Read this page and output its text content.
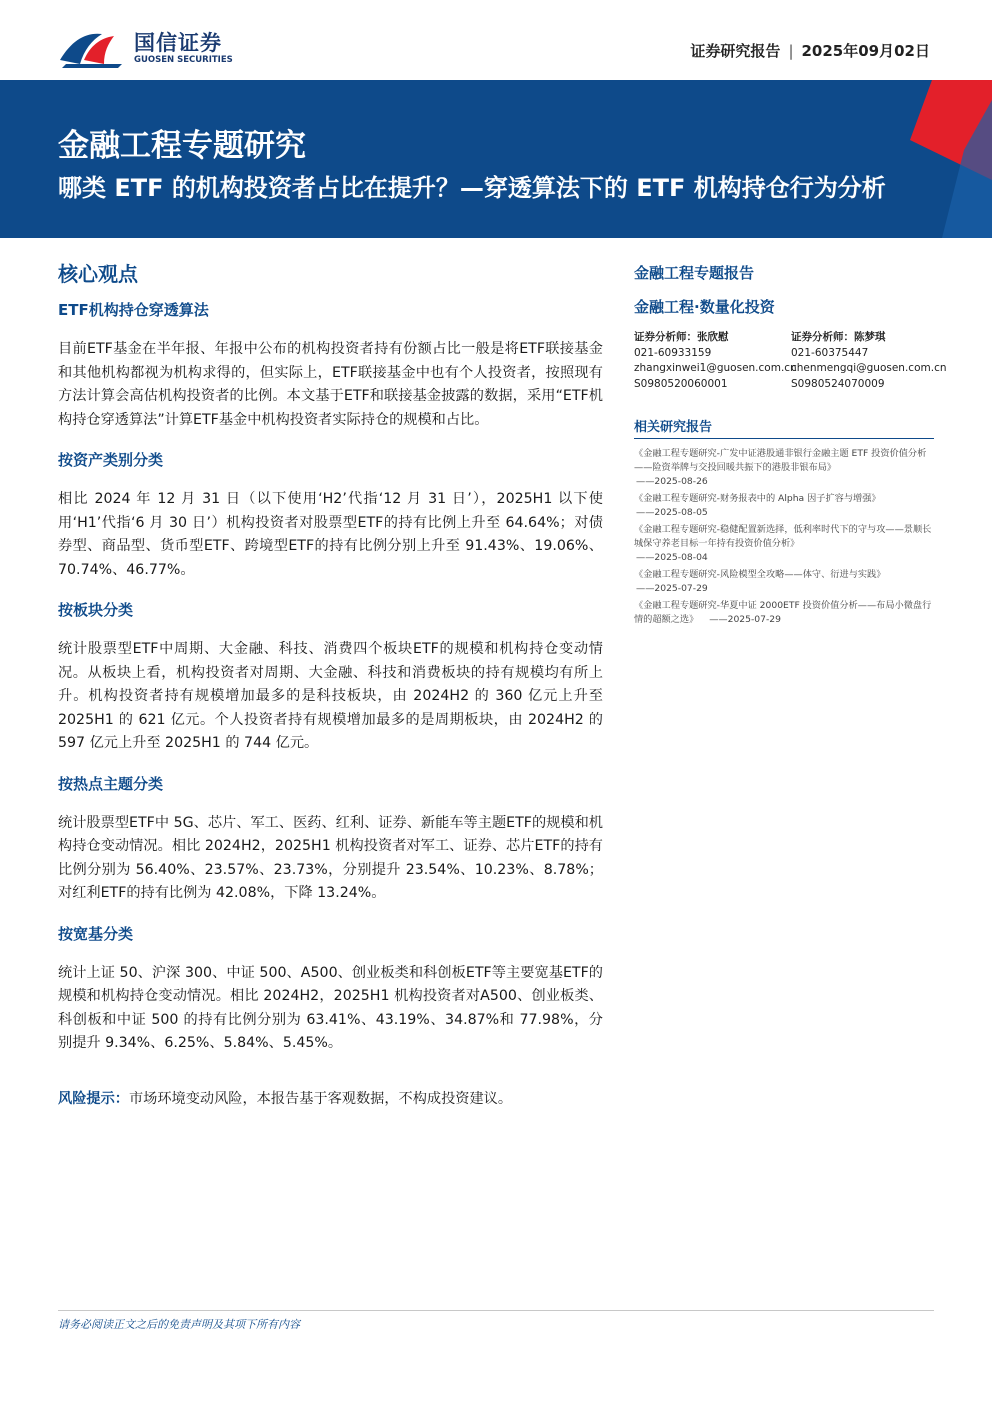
国信证券
GUOSEN SECURITIES	证券研究报告 | 2025年09月02日
金融工程专题研究
哪类 ETF 的机构投资者占比在提升？—穿透算法下的 ETF 机构持仓行为分析
核心观点
ETF机构持仓穿透算法
目前ETF基金在半年报、年报中公布的机构投资者持有份额占比一般是将ETF联接基金和其他机构都视为机构求得的，但实际上，ETF联接基金中也有个人投资者，按照现有方法计算会高估机构投资者的比例。本文基于ETF和联接基金披露的数据，采用“ETF机构持仓穿透算法”计算ETF基金中机构投资者实际持仓的规模和占比。
按资产类别分类
相比 2024 年 12 月 31 日（以下使用‘H2’代指‘12 月 31 日’），2025H1 以下使用‘H1’代指‘6 月 30 日’）机构投资者对股票型ETF的持有比例上升至 64.64%；对债券型、商品型、货币型ETF、跨境型ETF的持有比例分别上升至 91.43%、19.06%、70.74%、46.77%。
按板块分类
统计股票型ETF中周期、大金融、科技、消费四个板块ETF的规模和机构持仓变动情况。从板块上看，机构投资者对周期、大金融、科技和消费板块的持有规模均有所上升。机构投资者持有规模增加最多的是科技板块，由 2024H2 的 360 亿元上升至 2025H1 的 621 亿元。个人投资者持有规模增加最多的是周期板块，由 2024H2 的 597 亿元上升至 2025H1 的 744 亿元。
按热点主题分类
统计股票型ETF中 5G、芯片、军工、医药、红利、证券、新能车等主题ETF的规模和机构持仓变动情况。相比 2024H2，2025H1 机构投资者对军工、证券、芯片ETF的持有比例分别为 56.40%、23.57%、23.73%，分别提升 23.54%、10.23%、8.78%；对红利ETF的持有比例为 42.08%，下降 13.24%。
按宽基分类
统计上证 50、沪深 300、中证 500、A500、创业板类和科创板ETF等主要宽基ETF的规模和机构持仓变动情况。相比 2024H2，2025H1 机构投资者对A500、创业板类、科创板和中证 500 的持有比例分别为 63.41%、43.19%、34.87%和 77.98%，分别提升 9.34%、6.25%、5.84%、5.45%。
风险提示：市场环境变动风险，本报告基于客观数据，不构成投资建议。
金融工程专题报告
金融工程·数量化投资
证券分析师：张欣慰
021-60933159
zhangxinwei1@guosen.com.cn
S0980520060001
证券分析师：陈梦琪
021-60375447
chenmengqi@guosen.com.cn
S0980524070009
相关研究报告
《金融工程专题研究-广发中证港股通非银行金融主题 ETF 投资价值分析——险资举牌与交投回暖共振下的港股非银布局》
——2025-08-26
《金融工程专题研究-财务报表中的 Alpha 因子扩容与增强》
——2025-08-05
《金融工程专题研究-稳健配置新选择，低利率时代下的守与攻——景顺长城保守养老目标一年持有投资价值分析》
——2025-08-04
《金融工程专题研究-风险模型全攻略——体守、衍进与实践》
——2025-07-29
《金融工程专题研究-华夏中证 2000ETF 投资价值分析——布局小微盘行情的超额之选》 ——2025-07-29
请务必阅读正文之后的免责声明及其项下所有内容
